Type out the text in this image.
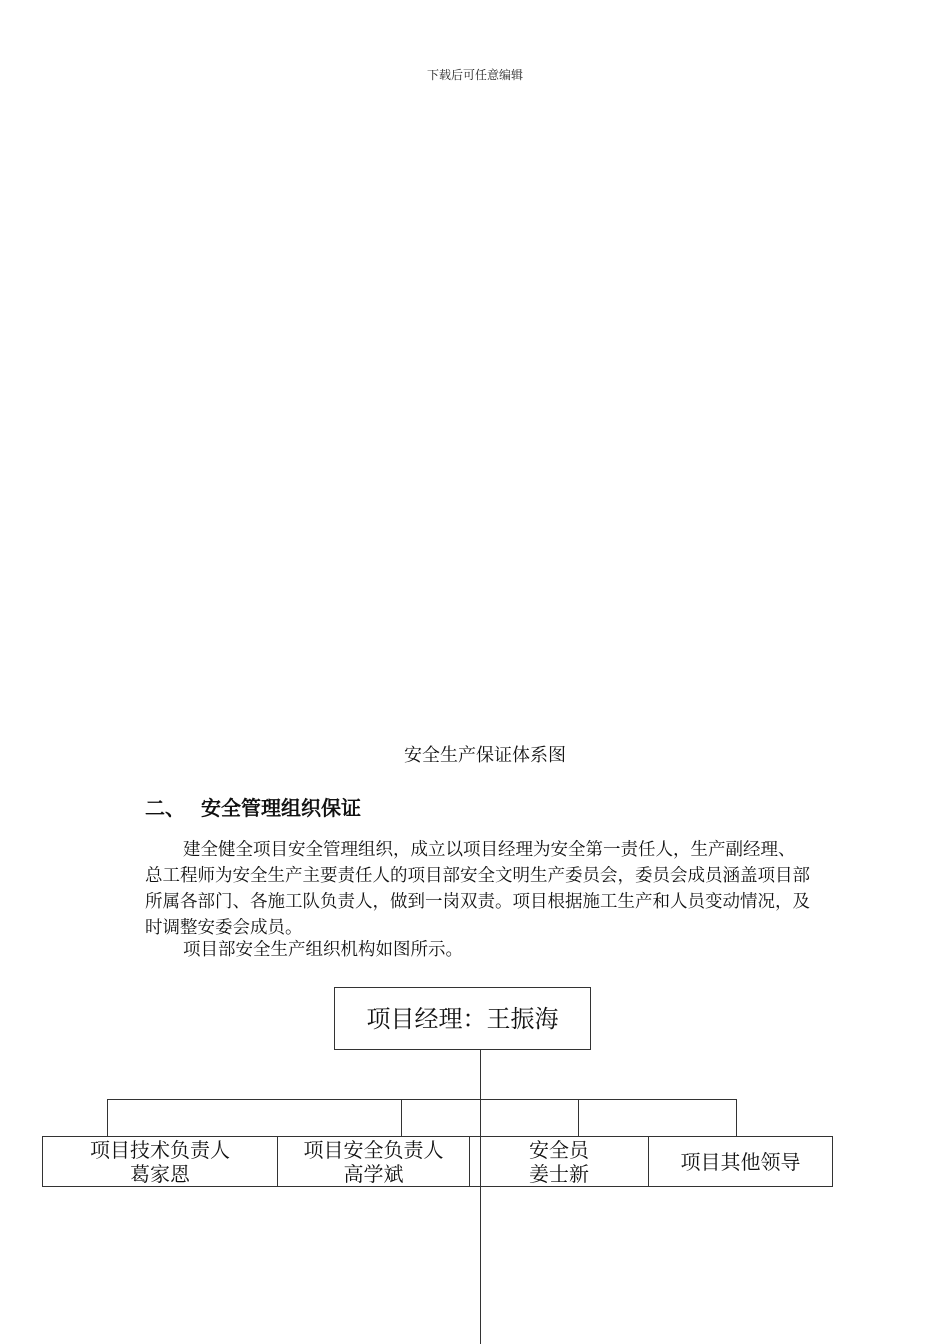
下载后可任意编辑
安全生产保证体系图
二、 安全管理组织保证

建全健全项目安全管理组织，成立以项目经理为安全第一责任人，生产副经理、总工程师为安全生产主要责任人的项目部安全文明生产委员会，委员会成员涵盖项目部所属各部门、各施工队负责人，做到一岗双责。项目根据施工生产和人员变动情况，及时调整安委会成员。

项目部安全生产组织机构如图所示。

项目经理：王振海
项目技术负责人
葛家恩
项目安全负责人
高学斌
安全员
姜士新	项目其他领导
